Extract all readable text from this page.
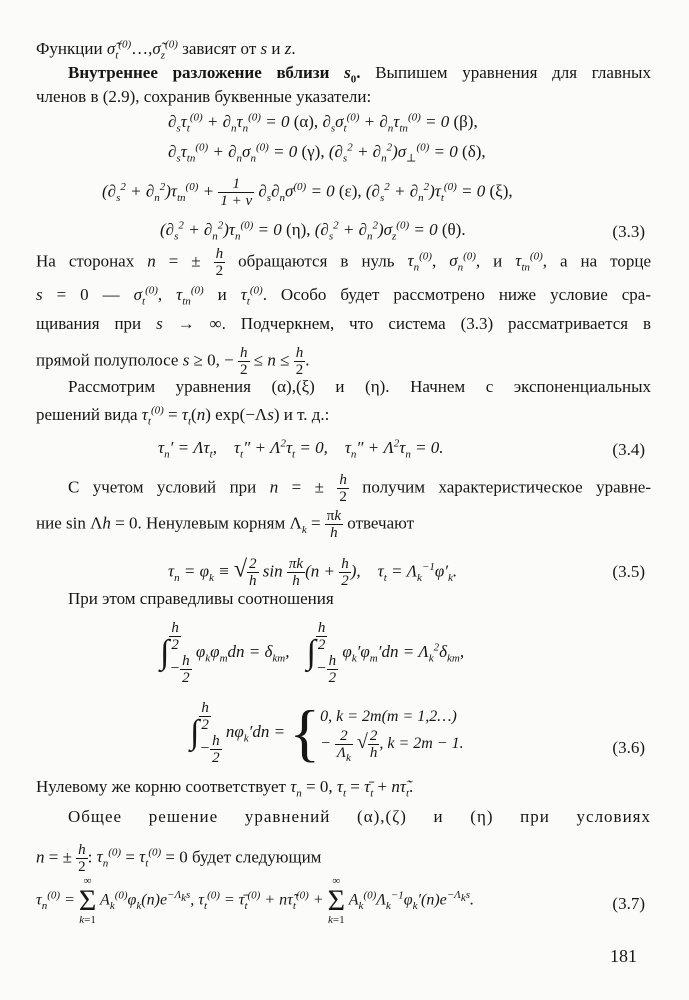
Функции $\sigmã_t^{(0)}\dots,\sigmã_z^{(0)}$ зависят от s и z.
Внутреннее разложение вблизи $s_0$. Выпишем уравнения для главных
членов в (2.9), сохранив буквенные указатели:
$\partial_s\tau_t^{(0)} + \partial_n\tau_n^{(0)} = 0$ (α), $\partial_s\sigma_t^{(0)} + \partial_n\tau_{tn}^{(0)} = 0$ (β),
$\partial_s\tau_{tn}^{(0)} + \partial_n\sigma_n^{(0)} = 0$ (γ), $(\partial_s^2 + \partial_n^2)\sigma_\perp^{(0)} = 0$ (δ),
$(\partial_s^2 + \partial_n^2)\tau_{tn}^{(0)} + \frac{1}{1 + \nu} \partial_s\partial_n\sigma^{(0)} = 0$ (ε), $(\partial_s^2 + \partial_n^2)\tau_t^{(0)} = 0$ (ξ),
$(\partial_s^2 + \partial_n^2)\tau_n^{(0)} = 0$ (η), $(\partial_s^2 + \partial_n^2)\sigma_z^{(0)} = 0$ (θ).	(3.3)
На сторонах n = ± $\frac{h}{2}$ обращаются в нуль $\tau_n^{(0)}$, $\sigma_n^{(0)}$, и $\tau_{tn}^{(0)}$, а на торце
s = 0 — $\sigma_t^{(0)}$, $\tau_{tn}^{(0)}$ и $\tau_t^{(0)}$. Особо будет рассмотрено ниже условие сра-
щивания при s → ∞. Подчеркнем, что система (3.3) рассматривается в
прямой полуполосе s ≥ 0, − $\frac{h}{2} \le n \le \frac{h}{2}$ .
Рассмотрим уравнения (α),(ξ) и (η). Начнем с экспоненциальных
решений вида $\tau_t^{(0)} = \tau_t(n)$ exp(−Λs) и т. д.:
$\tau_n' = \Lambda\tau_t$,    $\tau_t'' + \Lambda^2\tau_t = 0$,    $\tau_n'' + \Lambda^2\tau_n = 0$.	(3.4)
С учетом условий при n = ± $\frac{h}{2}$ получим характеристическое уравне-
ние sin Λh = 0. Ненулевым корням $\Lambda_k = \frac{\pi k}{h}$ отвечают
$\tau_n = \varphi_k$ ≡ √ $\frac{2}{h}$ $\sin \frac{\pi k}{h} (n + \frac{h}{2}$ ),    $\tau_t = \Lambda_k^{-1}\varphi'_k$.	(3.5)
При этом справедливы соотношения
∫ $\frac{h}{2}$

− $\frac{h}{2}$
$\varphi_k\varphi_mdn = \delta_{km}$,    ∫ $\frac{h}{2}$

− $\frac{h}{2}$
$\varphi_k'\varphi_m'dn = \Lambda_k^2\delta_{km}$,
∫ $\frac{h}{2}$

− $\frac{h}{2}$
$n\varphi_k'dn = \{0$, k = 2m(m = 1,2…)
− $\frac{2}{\Lambda_k}$ √ $\frac{2}{h}$ , k = 2m − 1.	(3.6)
Нулевому же корню соответствует $\tau_n = 0$, $\tau_t$ = $\taū_t$ + $n\taũ_t$.
Общее решение уравнений (α),(ζ) и (η) при условиях
n = ± $\frac{h}{2}$ : $\tau_n^{(0)} = \tau_t^{(0)} = 0$ будет следующим
$\tau_n^{(0)}$ =
∞
Σ
k=1
$A_k^{(0)}\varphi_k(n)e^{-\Lambda_ks}$, $\tau_t^{(0)}$ = $\taū_t^{(0)}$ + $n\taũ_t^{(0)}$ +
∞
Σ
k=1
$A_k^{(0)}\Lambda_k^{-1}\varphi_k'(n)e^{-\Lambda_ks}$.	(3.7)
181
